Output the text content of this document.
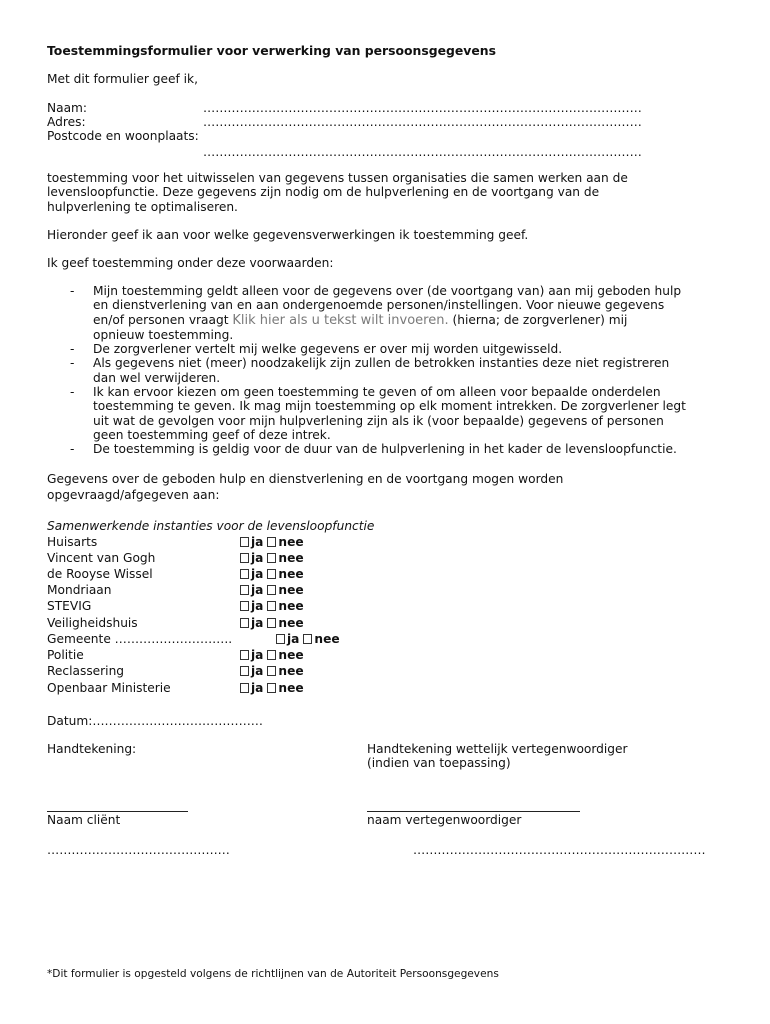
Toestemmingsformulier voor verwerking van persoonsgegevens
Met dit formulier geef ik,
Naam:	………………………………………………………………………………………………
Adres:	………………………………………………………………………………………………
Postcode en woonplaats:
………………………………………………………………………………………………
toestemming voor het uitwisselen van gegevens tussen organisaties die samen werken aan de
levensloopfunctie. Deze gegevens zijn nodig om de hulpverlening en de voortgang van de
hulpverlening te optimaliseren.
Hieronder geef ik aan voor welke gegevensverwerkingen ik toestemming geef.
Ik geef toestemming onder deze voorwaarden:
- Mijn toestemming geldt alleen voor de gegevens over (de voortgang van) aan mij geboden hulp
en dienstverlening van en aan ondergenoemde personen/instellingen. Voor nieuwe gegevens
en/of personen vraagt Klik hier als u tekst wilt invoeren. (hierna; de zorgverlener) mij
opnieuw toestemming.
- De zorgverlener vertelt mij welke gegevens er over mij worden uitgewisseld.
- Als gegevens niet (meer) noodzakelijk zijn zullen de betrokken instanties deze niet registreren
dan wel verwijderen.
- Ik kan ervoor kiezen om geen toestemming te geven of om alleen voor bepaalde onderdelen
toestemming te geven. Ik mag mijn toestemming op elk moment intrekken. De zorgverlener legt
uit wat de gevolgen voor mijn hulpverlening zijn als ik (voor bepaalde) gegevens of personen
geen toestemming geef of deze intrek.
- De toestemming is geldig voor de duur van de hulpverlening in het kader de levensloopfunctie.
Gegevens over de geboden hulp en dienstverlening en de voortgang mogen worden
opgevraagd/afgegeven aan:
Samenwerkende instanties voor de levensloopfunctie
Huisarts	ja nee
Vincent van Gogh	ja nee
de Rooyse Wissel	ja nee
Mondriaan	ja nee
STEVIG	ja nee
Veiligheidshuis	ja nee
Gemeente ………………………..	ja nee
Politie	ja nee
Reclassering	ja nee
Openbaar Ministerie	ja nee
Datum:……………………………………
Handtekening:	Handtekening wettelijk vertegenwoordiger
(indien van toepassing)
Naam cliënt	naam vertegenwoordiger
………………………………………	………………………………………………………………
*Dit formulier is opgesteld volgens de richtlijnen van de Autoriteit Persoonsgegevens
